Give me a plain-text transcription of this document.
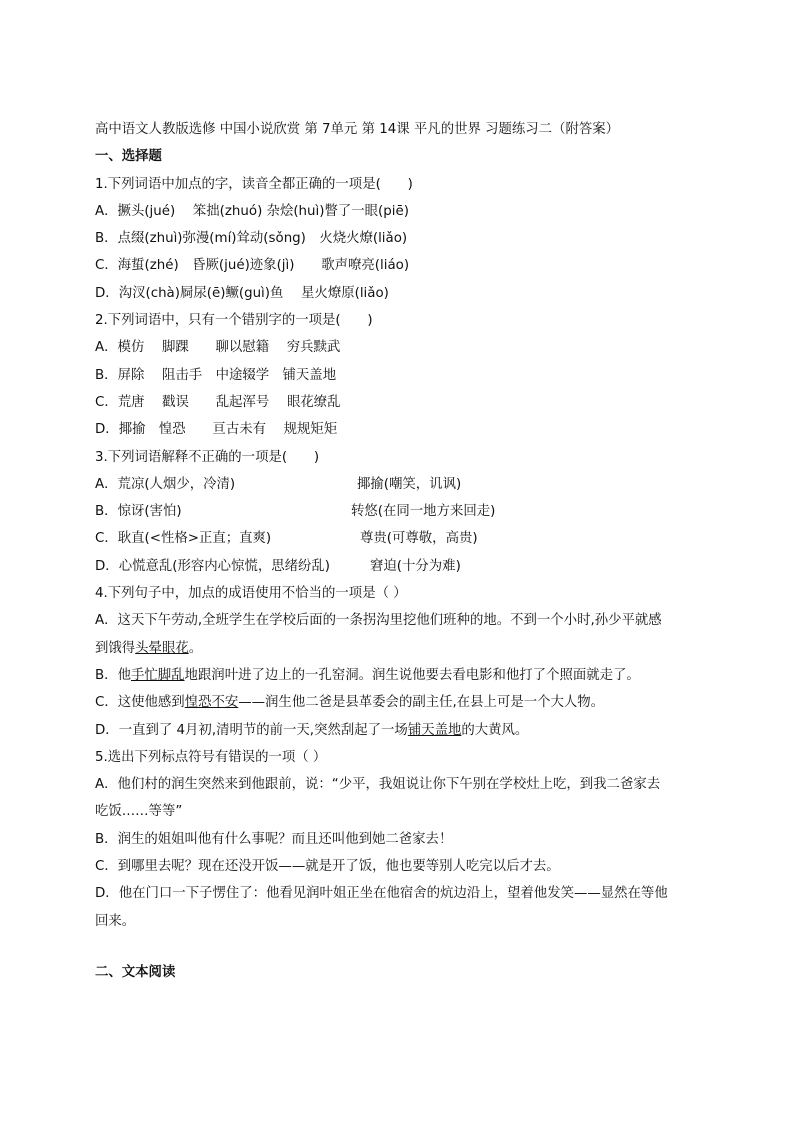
高中语文人教版选修 中国小说欣赏 第 7单元 第 14课 平凡的世界 习题练习二（附答案）
一、选择题
1.下列词语中加点的字，读音全都正确的一项是(　　)
A．撅头(jué)　 笨拙(zhuó) 杂烩(huì)瞥了一眼(piē)
B．点缀(zhuì)弥漫(mí)耸动(sǒng)　火烧火燎(liǎo)
C．海蜇(zhé)　昏厥(jué)迹象(jì)　　歌声嘹亮(liáo)
D．沟汊(chà)屙尿(ē)鳜(guì)鱼　 星火燎原(liǎo)
2.下列词语中，只有一个错别字的一项是(　　)
A．模仿　 脚踝　　聊以慰籍　 穷兵黩武
B．屏除　 阻击手　中途辍学　铺天盖地
C．荒唐　 戳误　　乱起浑号　 眼花缭乱
D．揶揄　惶恐　　亘古未有　 规规矩矩
3.下列词语解释不正确的一项是(　　)
A．荒凉(人烟少，冷清)	揶揄(嘲笑，讥讽)
B．惊讶(害怕)	转悠(在同一地方来回走)
C．耿直(<性格>正直；直爽)	尊贵(可尊敬，高贵)
D．心慌意乱(形容内心惊慌，思绪纷乱)	窘迫(十分为难)
4.下列句子中，加点的成语使用不恰当的一项是（ ）
A．这天下午劳动,全班学生在学校后面的一条拐沟里挖他们班种的地。不到一个小时,孙少平就感
到饿得头晕眼花。
B．他手忙脚乱地跟润叶进了边上的一孔窑洞。润生说他要去看电影和他打了个照面就走了。
C．这使他感到惶恐不安——润生他二爸是县革委会的副主任,在县上可是一个大人物。
D．一直到了 4月初,清明节的前一天,突然刮起了一场铺天盖地的大黄风。
5.选出下列标点符号有错误的一项（ ）
A．他们村的润生突然来到他跟前，说：“少平，我姐说让你下午别在学校灶上吃，到我二爸家去
吃饭……等等”
B．润生的姐姐叫他有什么事呢？而且还叫他到她二爸家去！
C．到哪里去呢？现在还没开饭——就是开了饭，他也要等别人吃完以后才去。
D．他在门口一下子愣住了：他看见润叶姐正坐在他宿舍的炕边沿上，望着他发笑——显然在等他
回来。
二、文本阅读
